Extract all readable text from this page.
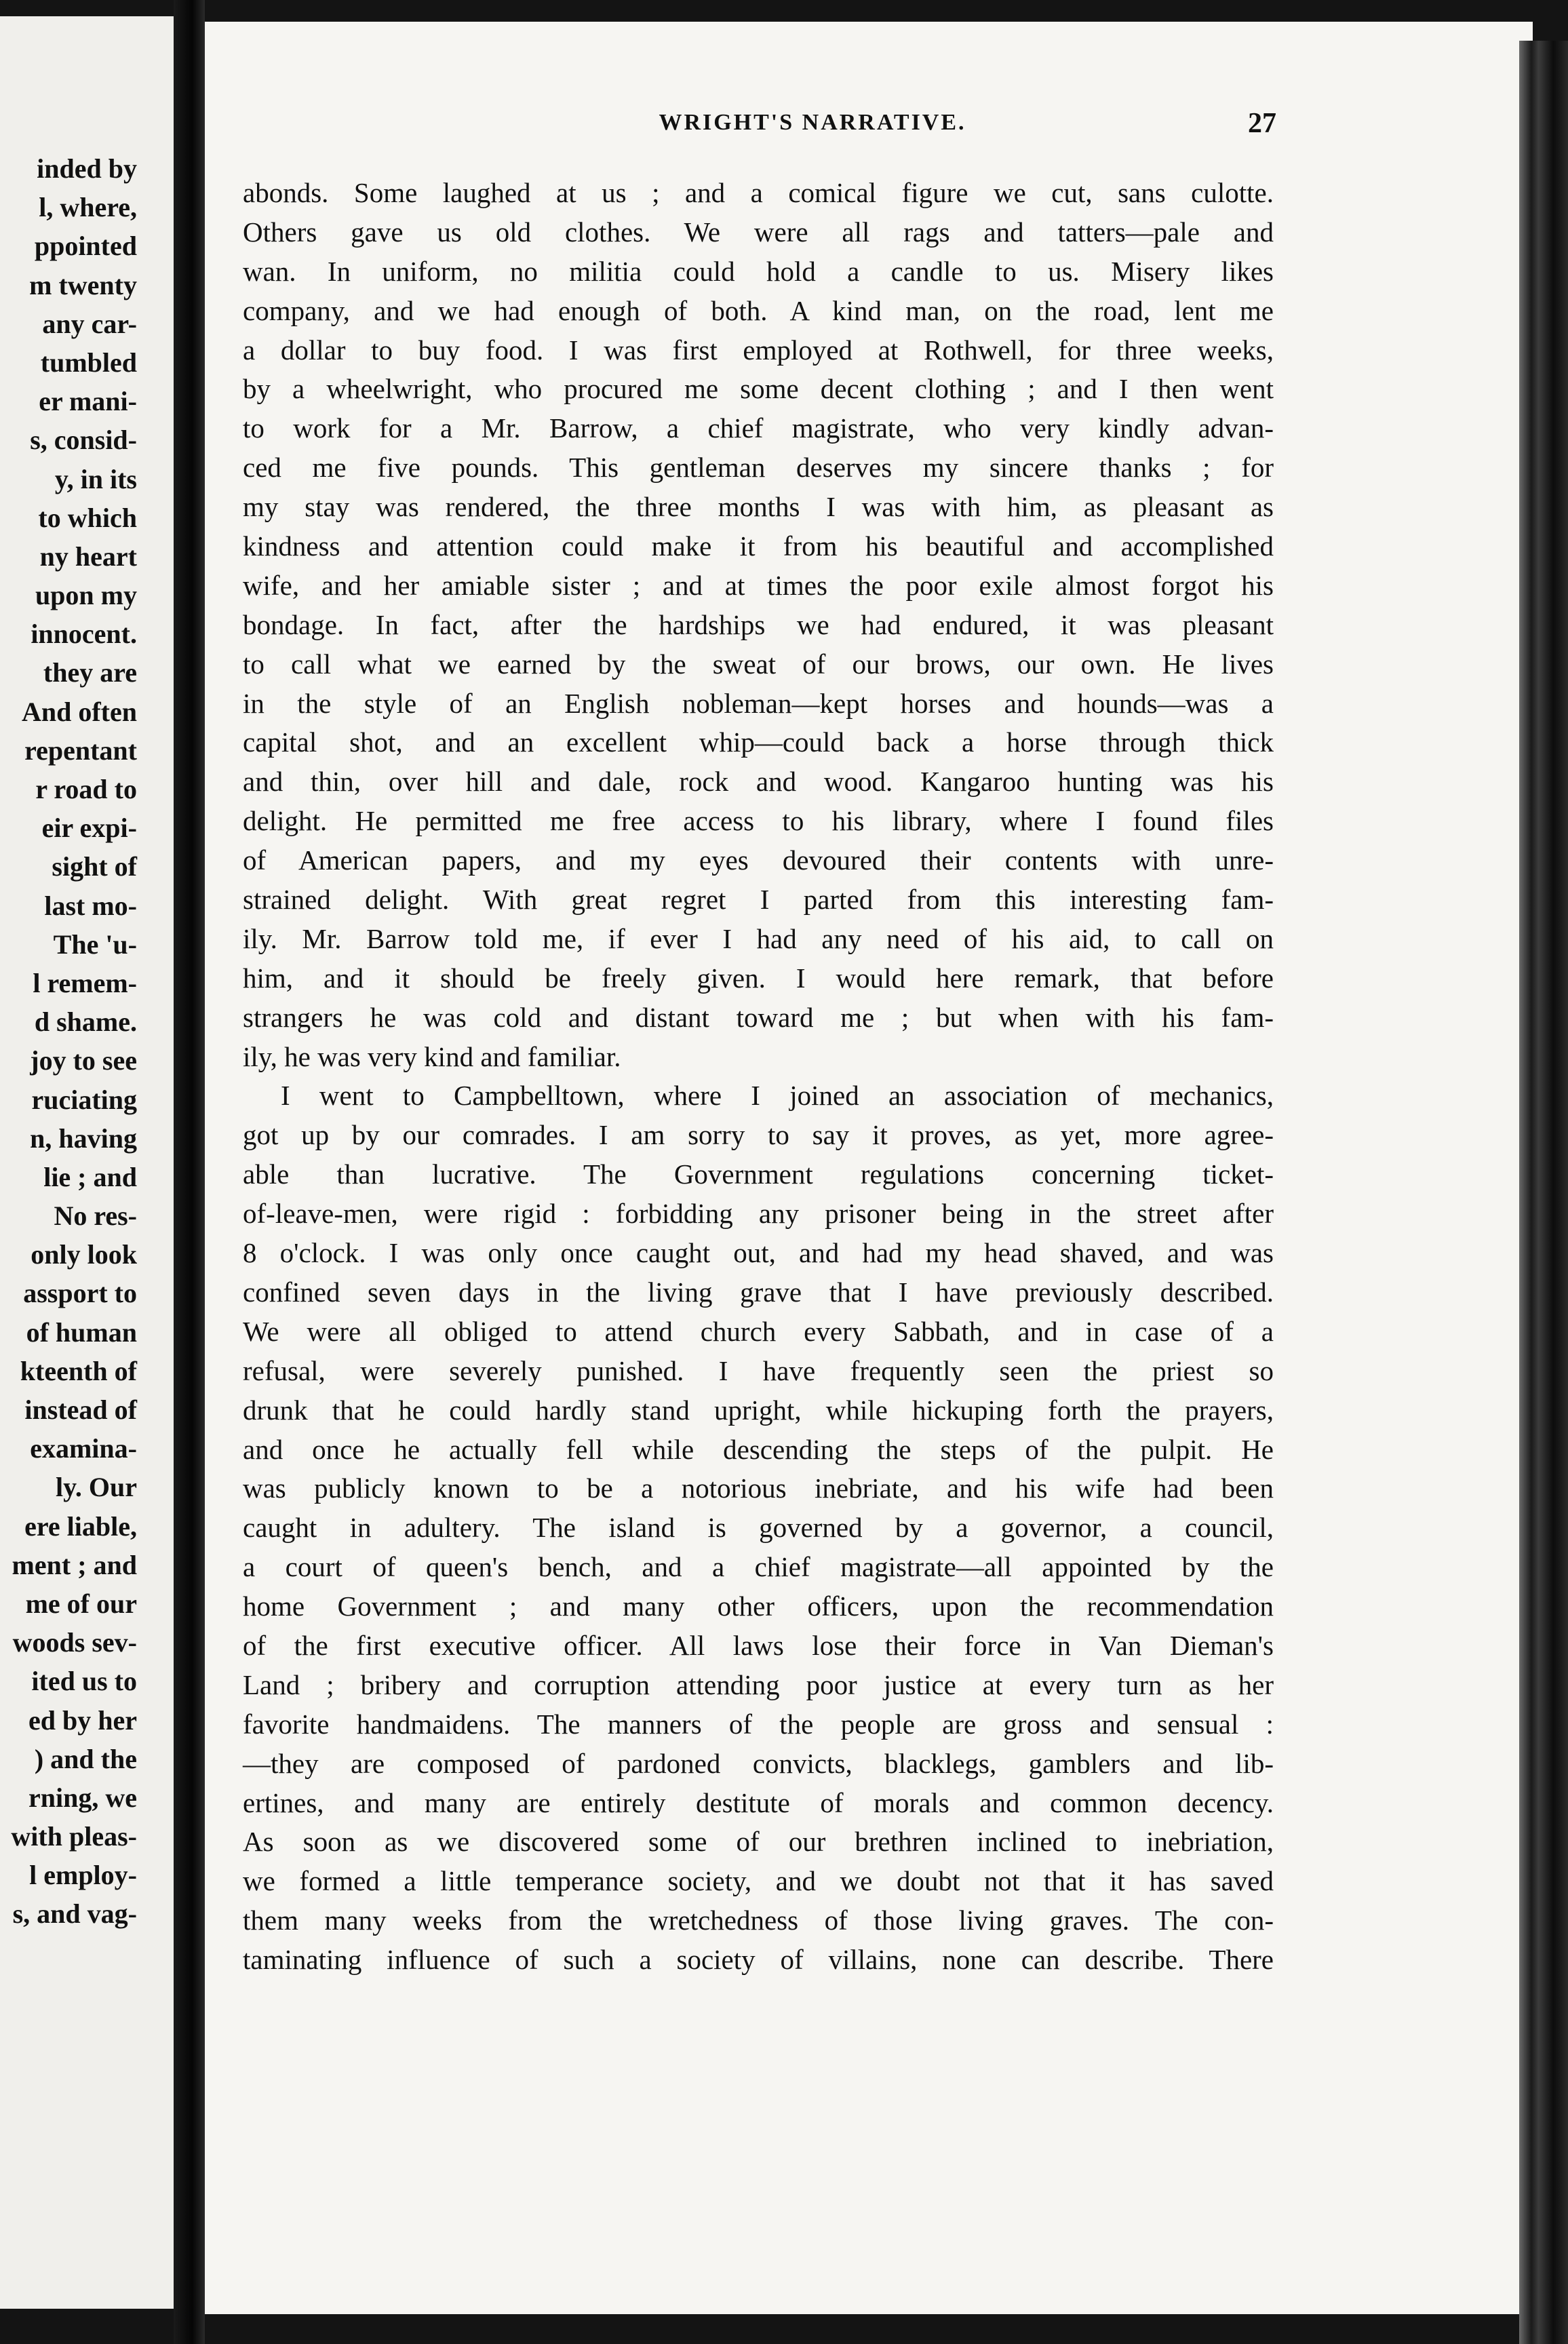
inded by
l, where,
ppointed
m twenty
any car-
tumbled
er mani-
s, consid-
y, in its
to which
ny heart
upon my
innocent.
they are
And often
repentant
r road to
eir expi-
sight of
last mo-
The 'u-
l remem-
d shame.
joy to see
ruciating
n, having
lie ; and
No res-
only look
assport to
of human
kteenth of
instead of
examina-
ly. Our
ere liable,
ment ; and
me of our
woods sev-
ited us to
ed by her
) and the
rning, we
with pleas-
l employ-
s, and vag-
WRIGHT'S NARRATIVE.	27
abonds. Some laughed at us ; and a comical figure we cut, sans culotte.
Others gave us old clothes. We were all rags and tatters—pale and
wan. In uniform, no militia could hold a candle to us. Misery likes
company, and we had enough of both. A kind man, on the road, lent me
a dollar to buy food. I was first employed at Rothwell, for three weeks,
by a wheelwright, who procured me some decent clothing ; and I then went
to work for a Mr. Barrow, a chief magistrate, who very kindly advan-
ced me five pounds. This gentleman deserves my sincere thanks ; for
my stay was rendered, the three months I was with him, as pleasant as
kindness and attention could make it from his beautiful and accomplished
wife, and her amiable sister ; and at times the poor exile almost forgot his
bondage. In fact, after the hardships we had endured, it was pleasant
to call what we earned by the sweat of our brows, our own. He lives
in the style of an English nobleman—kept horses and hounds—was a
capital shot, and an excellent whip—could back a horse through thick
and thin, over hill and dale, rock and wood. Kangaroo hunting was his
delight. He permitted me free access to his library, where I found files
of American papers, and my eyes devoured their contents with unre-
strained delight. With great regret I parted from this interesting fam-
ily. Mr. Barrow told me, if ever I had any need of his aid, to call on
him, and it should be freely given. I would here remark, that before
strangers he was cold and distant toward me ; but when with his fam-
ily, he was very kind and familiar.
I went to Campbelltown, where I joined an association of mechanics,
got up by our comrades. I am sorry to say it proves, as yet, more agree-
able than lucrative. The Government regulations concerning ticket-
of-leave-men, were rigid : forbidding any prisoner being in the street after
8 o'clock. I was only once caught out, and had my head shaved, and was
confined seven days in the living grave that I have previously described.
We were all obliged to attend church every Sabbath, and in case of a
refusal, were severely punished. I have frequently seen the priest so
drunk that he could hardly stand upright, while hickuping forth the prayers,
and once he actually fell while descending the steps of the pulpit. He
was publicly known to be a notorious inebriate, and his wife had been
caught in adultery. The island is governed by a governor, a council,
a court of queen's bench, and a chief magistrate—all appointed by the
home Government ; and many other officers, upon the recommendation
of the first executive officer. All laws lose their force in Van Dieman's
Land ; bribery and corruption attending poor justice at every turn as her
favorite handmaidens. The manners of the people are gross and sensual :
—they are composed of pardoned convicts, blacklegs, gamblers and lib-
ertines, and many are entirely destitute of morals and common decency.
As soon as we discovered some of our brethren inclined to inebriation,
we formed a little temperance society, and we doubt not that it has saved
them many weeks from the wretchedness of those living graves. The con-
taminating influence of such a society of villains, none can describe. There
